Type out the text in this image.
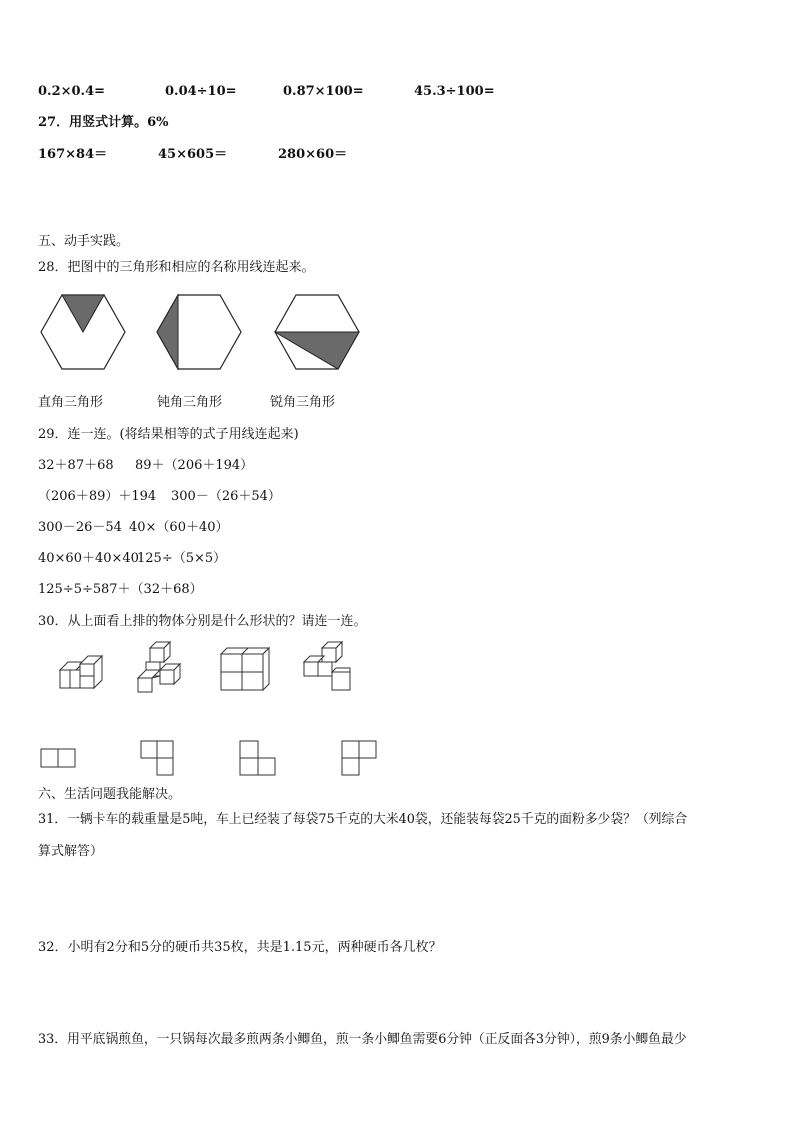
0.2×0.4=	0.04÷10=	0.87×100=	45.3÷100=
27．用竖式计算。6%
167×84＝	45×605＝	280×60＝
五、动手实践。
28．把图中的三角形和相应的名称用线连起来。
直角三角形	钝角三角形	锐角三角形
29．连一连。(将结果相等的式子用线连起来)
32＋87＋68 89＋（206＋194）
（206＋89）＋194 300－（26＋54）
300－26－54 40×（60＋40）
40×60＋40×40
125÷（5×5）
125÷5÷5 87＋（32＋68）
30．从上面看上排的物体分别是什么形状的？请连一连。
六、生活问题我能解决。
31．一辆卡车的载重量是5吨，车上已经装了每袋75千克的大米40袋，还能装每袋25千克的面粉多少袋？（列综合
算式解答）
32．小明有2分和5分的硬币共35枚，共是1.15元，两种硬币各几枚？
33．用平底锅煎鱼，一只锅每次最多煎两条小鲫鱼，煎一条小鲫鱼需要6分钟（正反面各3分钟），煎9条小鲫鱼最少
